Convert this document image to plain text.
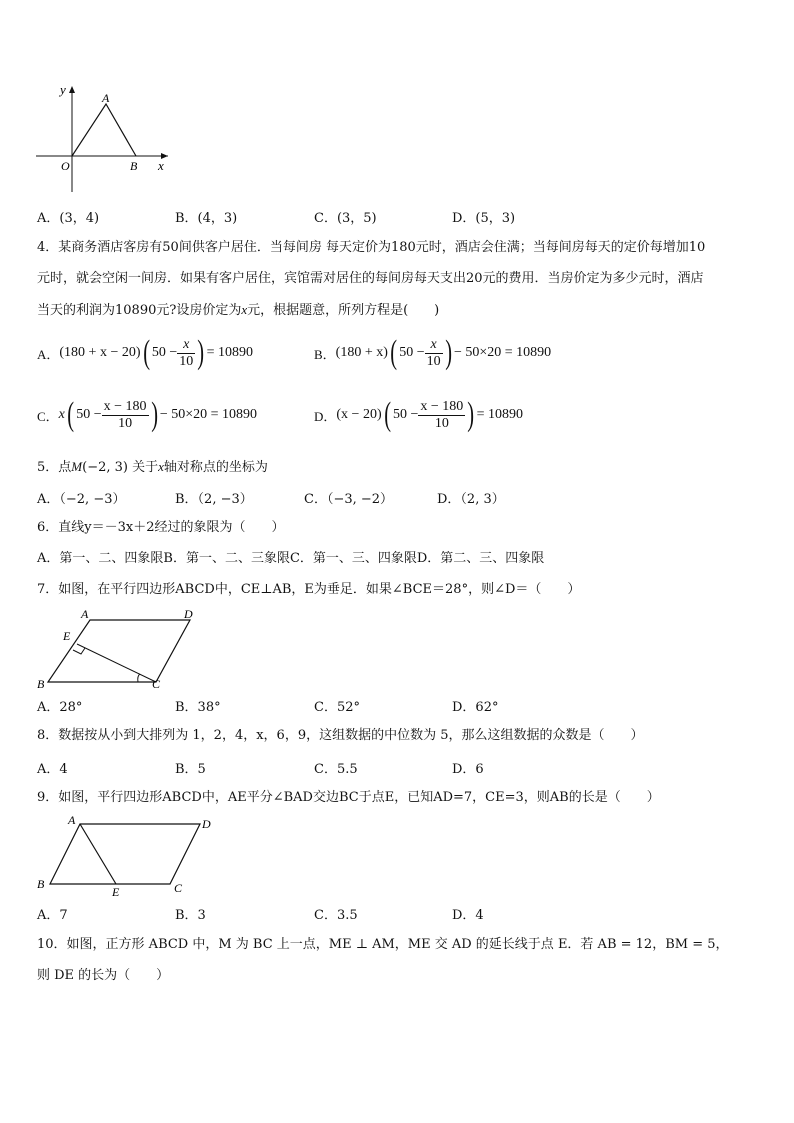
y
A
O	B x
A．(3，4)	B．(4，3)	C．(3，5)	D．(5，3)
4．某商务酒店客房有50间供客户居住．当每间房 每天定价为180元时，酒店会住满；当每间房每天的定价每增加10
元时，就会空闲一间房．如果有客户居住，宾馆需对居住的每间房每天支出20元的费用．当房价定为多少元时，酒店
当天的利润为10890元?设房价定为x元，根据题意，所列方程是(　　)
A． (180 + x − 20) ( $50 - \frac{x}{10}$ ) = 10890	B． (180 + x) ( $50 - \frac{x}{10}$ ) − 50×20 = 10890
C． x ( $50 - \frac{x - 180}{10}$ ) − 50×20 = 10890	D． (x − 20) ( $50 - \frac{x - 180}{10}$ ) = 10890
5．点M(−2, 3) 关于x轴对称点的坐标为
A．（−2, −3）	B．（2, −3）	C．（−3, −2）	D．（2, 3）
6．直线y＝－3x＋2经过的象限为（　　）
A．第一、二、四象限B．第一、二、三象限C．第一、三、四象限D．第二、三、四象限
7．如图，在平行四边形ABCD中，CE⊥AB，E为垂足．如果∠BCE＝28°，则∠D＝（　　）
A	D
E
B	C
A．28°	B．38°	C．52°	D．62°
8．数据按从小到大排列为 1，2，4，x，6，9，这组数据的中位数为 5，那么这组数据的众数是（　　）
A．4	B．5	C．5.5	D．6
9．如图，平行四边形ABCD中，AE平分∠BAD交边BC于点E，已知AD=7，CE=3，则AB的长是（　　）
A	D
B
E	C
A．7	B．3	C．3.5	D．4
10．如图，正方形 ABCD 中，M 为 BC 上一点，ME ⊥ AM，ME 交 AD 的延长线于点 E．若 AB = 12，BM = 5，
则 DE 的长为（　　）
